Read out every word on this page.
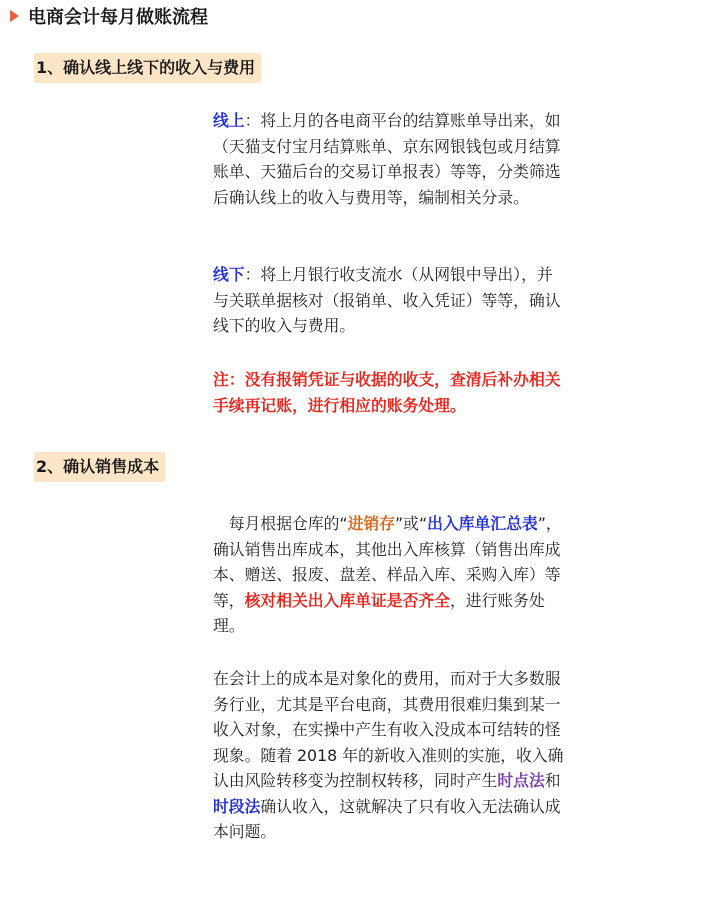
电商会计每月做账流程
1、确认线上线下的收入与费用

线上：将上月的各电商平台的结算账单导出来，如（天猫支付宝月结算账单、京东网银钱包或月结算账单、天猫后台的交易订单报表）等等，分类筛选后确认线上的收入与费用等，编制相关分录。

线下：将上月银行收支流水（从网银中导出），并与关联单据核对（报销单、收入凭证）等等，确认线下的收入与费用。

注：没有报销凭证与收据的收支，查清后补办相关手续再记账，进行相应的账务处理。

2、确认销售成本

　每月根据仓库的“进销存”或“出入库单汇总表”，确认销售出库成本，其他出入库核算（销售出库成本、赠送、报废、盘差、样品入库、采购入库）等等，核对相关出入库单证是否齐全，进行账务处理。

在会计上的成本是对象化的费用，而对于大多数服务行业，尤其是平台电商，其费用很难归集到某一收入对象，在实操中产生有收入没成本可结转的怪现象。随着 2018 年的新收入准则的实施，收入确认由风险转移变为控制权转移，同时产生时点法和时段法确认收入，这就解决了只有收入无法确认成本问题。
